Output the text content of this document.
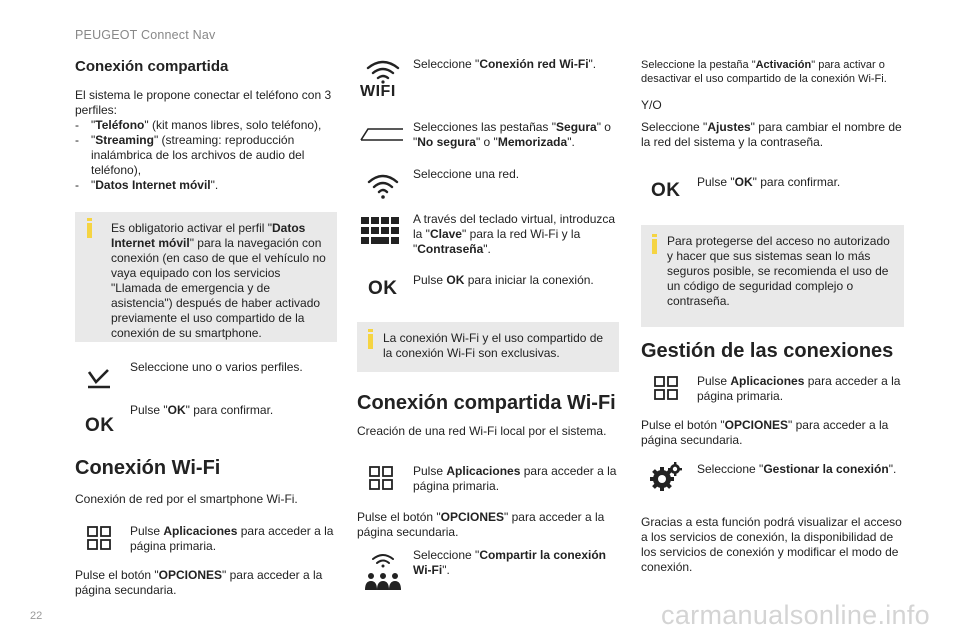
PEUGEOT Connect Nav
22	carmanualsonline.info
Conexión compartida
El sistema le propone conectar el teléfono con 3 perfiles:
- "Teléfono" (kit manos libres, solo teléfono),
- "Streaming" (streaming: reproducción inalámbrica de los archivos de audio del teléfono),
- "Datos Internet móvil".
Es obligatorio activar el perfil "Datos Internet móvil" para la navegación con conexión (en caso de que el vehículo no vaya equipado con los servicios "Llamada de emergencia y de asistencia") después de haber activado previamente el uso compartido de la conexión de su smartphone.
Seleccione uno o varios perfiles.
OK
Pulse "OK" para confirmar.
Conexión Wi-Fi
Conexión de red por el smartphone Wi-Fi.
Pulse Aplicaciones para acceder a la página primaria.
Pulse el botón "OPCIONES" para acceder a la página secundaria.
WIFI
Seleccione "Conexión red Wi-Fi".
Selecciones las pestañas "Segura" o "No segura" o "Memorizada".
Seleccione una red.
A través del teclado virtual, introduzca la "Clave" para la red Wi-Fi y la "Contraseña".
OK Pulse OK para iniciar la conexión.
La conexión Wi-Fi y el uso compartido de la conexión Wi-Fi son exclusivas.
Conexión compartida Wi-Fi
Creación de una red Wi-Fi local por el sistema.
Pulse Aplicaciones para acceder a la página primaria.
Pulse el botón "OPCIONES" para acceder a la página secundaria.
Seleccione "Compartir la conexión Wi-Fi".
Seleccione la pestaña "Activación" para activar o desactivar el uso compartido de la conexión Wi-Fi.
Y/O
Seleccione "Ajustes" para cambiar el nombre de la red del sistema y la contraseña.
OK Pulse "OK" para confirmar.
Para protegerse del acceso no autorizado y hacer que sus sistemas sean lo más seguros posible, se recomienda el uso de un código de seguridad complejo o contraseña.
Gestión de las conexiones
Pulse Aplicaciones para acceder a la página primaria.
Pulse el botón "OPCIONES" para acceder a la página secundaria.
Seleccione "Gestionar la conexión".
Gracias a esta función podrá visualizar el acceso a los servicios de conexión, la disponibilidad de los servicios de conexión y modificar el modo de conexión.
